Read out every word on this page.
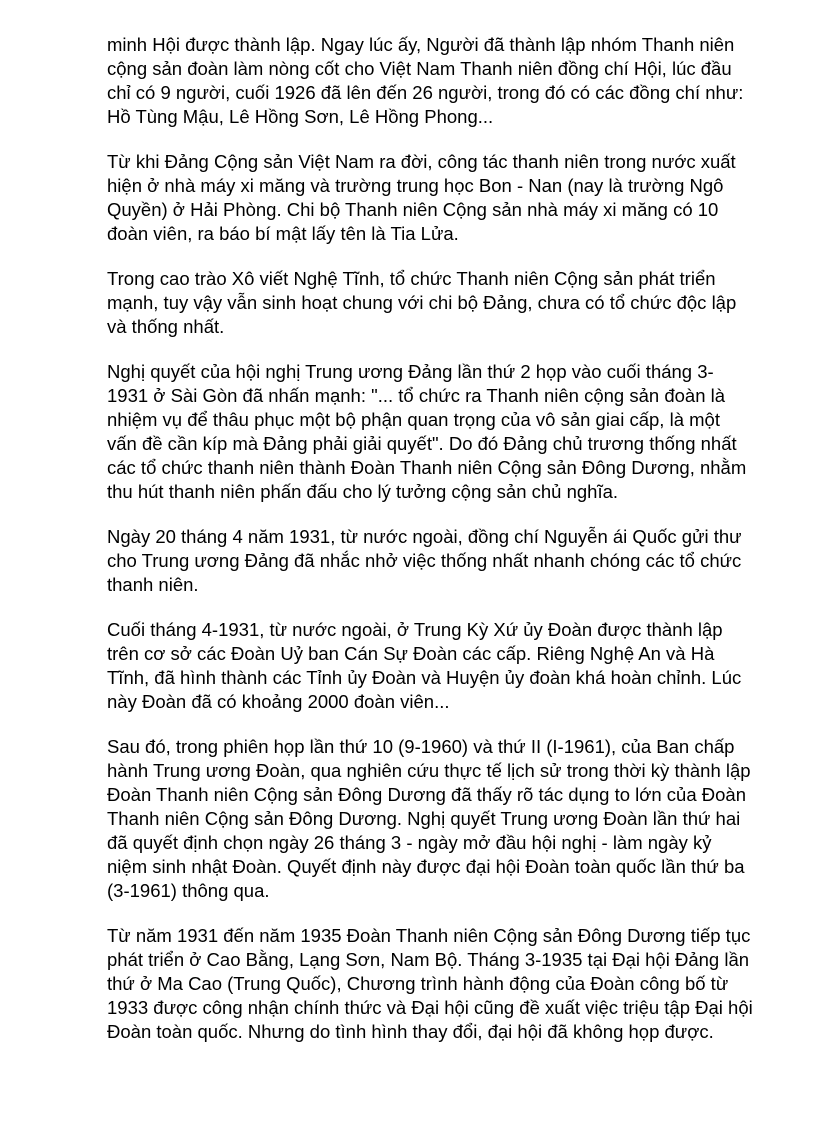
minh Hội được thành lập. Ngay lúc ấy, Người đã thành lập nhóm Thanh niên
cộng sản đoàn làm nòng cốt cho Việt Nam Thanh niên đồng chí Hội, lúc đầu
chỉ có 9 người, cuối 1926 đã lên đến 26 người, trong đó có các đồng chí như:
Hồ Tùng Mậu, Lê Hồng Sơn, Lê Hồng Phong...

Từ khi Đảng Cộng sản Việt Nam ra đời, công tác thanh niên trong nước xuất
hiện ở nhà máy xi măng và trường trung học Bon - Nan (nay là trường Ngô
Quyền) ở Hải Phòng. Chi bộ Thanh niên Cộng sản nhà máy xi măng có 10
đoàn viên, ra báo bí mật lấy tên là Tia Lửa.

Trong cao trào Xô viết Nghệ Tĩnh, tổ chức Thanh niên Cộng sản phát triển
mạnh, tuy vậy vẫn sinh hoạt chung với chi bộ Đảng, chưa có tổ chức độc lập
và thống nhất.

Nghị quyết của hội nghị Trung ương Đảng lần thứ 2 họp vào cuối tháng 3-
1931 ở Sài Gòn đã nhấn mạnh: "... tổ chức ra Thanh niên cộng sản đoàn là
nhiệm vụ để thâu phục một bộ phận quan trọng của vô sản giai cấp, là một
vấn đề cần kíp mà Đảng phải giải quyết". Do đó Đảng chủ trương thống nhất
các tổ chức thanh niên thành Đoàn Thanh niên Cộng sản Đông Dương, nhằm
thu hút thanh niên phấn đấu cho lý tưởng cộng sản chủ nghĩa.

Ngày 20 tháng 4 năm 1931, từ nước ngoài, đồng chí Nguyễn ái Quốc gửi thư
cho Trung ương Đảng đã nhắc nhở việc thống nhất nhanh chóng các tổ chức
thanh niên.

Cuối tháng 4-1931, từ nước ngoài, ở Trung Kỳ Xứ ủy Đoàn được thành lập
trên cơ sở các Đoàn Uỷ ban Cán Sự Đoàn các cấp. Riêng Nghệ An và Hà
Tĩnh, đã hình thành các Tỉnh ủy Đoàn và Huyện ủy đoàn khá hoàn chỉnh. Lúc
này Đoàn đã có khoảng 2000 đoàn viên...

Sau đó, trong phiên họp lần thứ 10 (9-1960) và thứ II (I-1961), của Ban chấp
hành Trung ương Đoàn, qua nghiên cứu thực tế lịch sử trong thời kỳ thành lập
Đoàn Thanh niên Cộng sản Đông Dương đã thấy rõ tác dụng to lớn của Đoàn
Thanh niên Cộng sản Đông Dương. Nghị quyết Trung ương Đoàn lần thứ hai
đã quyết định chọn ngày 26 tháng 3 - ngày mở đầu hội nghị - làm ngày kỷ
niệm sinh nhật Đoàn. Quyết định này được đại hội Đoàn toàn quốc lần thứ ba
(3-1961) thông qua.

Từ năm 1931 đến năm 1935 Đoàn Thanh niên Cộng sản Đông Dương tiếp tục
phát triển ở Cao Bằng, Lạng Sơn, Nam Bộ. Tháng 3-1935 tại Đại hội Đảng lần
thứ ở Ma Cao (Trung Quốc), Chương trình hành động của Đoàn công bố từ
1933 được công nhận chính thức và Đại hội cũng đề xuất việc triệu tập Đại hội
Đoàn toàn quốc. Nhưng do tình hình thay đổi, đại hội đã không họp được.
